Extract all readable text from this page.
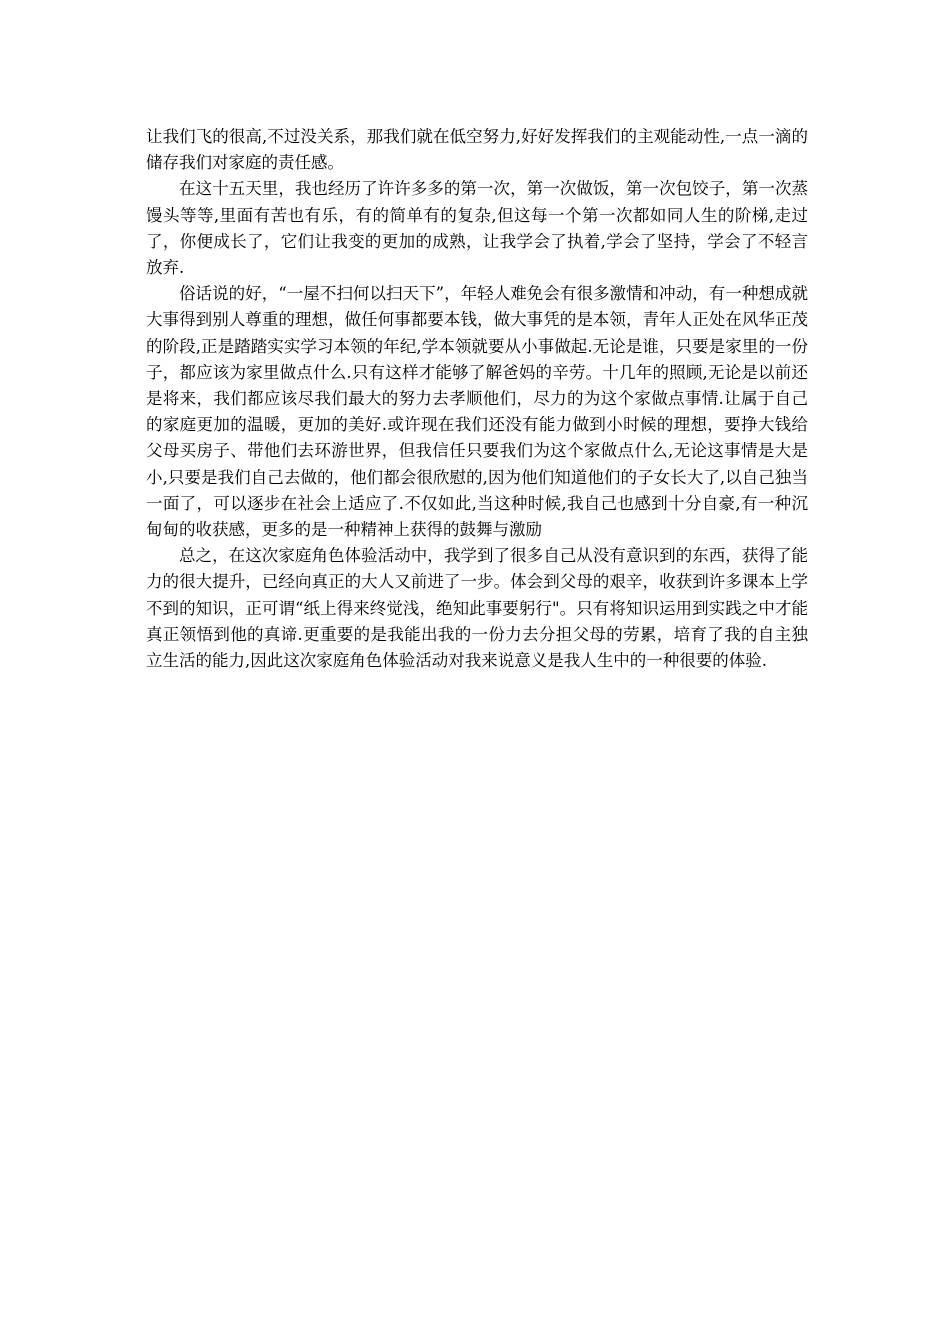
让我们飞的很高,不过没关系，那我们就在低空努力,好好发挥我们的主观能动性,一点一滴的储存我们对家庭的责任感。

在这十五天里，我也经历了许许多多的第一次，第一次做饭，第一次包饺子，第一次蒸馒头等等,里面有苦也有乐，有的简单有的复杂,但这每一个第一次都如同人生的阶梯,走过了，你便成长了，它们让我变的更加的成熟，让我学会了执着,学会了坚持，学会了不轻言放弃.

俗话说的好，“一屋不扫何以扫天下”，年轻人难免会有很多激情和冲动，有一种想成就大事得到别人尊重的理想，做任何事都要本钱，做大事凭的是本领，青年人正处在风华正茂的阶段,正是踏踏实实学习本领的年纪,学本领就要从小事做起.无论是谁，只要是家里的一份子，都应该为家里做点什么.只有这样才能够了解爸妈的辛劳。十几年的照顾,无论是以前还是将来，我们都应该尽我们最大的努力去孝顺他们，尽力的为这个家做点事情.让属于自己的家庭更加的温暖，更加的美好.或许现在我们还没有能力做到小时候的理想，要挣大钱给父母买房子、带他们去环游世界，但我信任只要我们为这个家做点什么,无论这事情是大是小,只要是我们自己去做的，他们都会很欣慰的,因为他们知道他们的子女长大了,以自己独当一面了，可以逐步在社会上适应了.不仅如此,当这种时候,我自己也感到十分自豪,有一种沉甸甸的收获感，更多的是一种精神上获得的鼓舞与激励

总之，在这次家庭角色体验活动中，我学到了很多自己从没有意识到的东西，获得了能力的很大提升，已经向真正的大人又前进了一步。体会到父母的艰辛，收获到许多课本上学不到的知识，正可谓“纸上得来终觉浅，绝知此事要躬行"。只有将知识运用到实践之中才能真正领悟到他的真谛.更重要的是我能出我的一份力去分担父母的劳累，培育了我的自主独立生活的能力,因此这次家庭角色体验活动对我来说意义是我人生中的一种很要的体验.
